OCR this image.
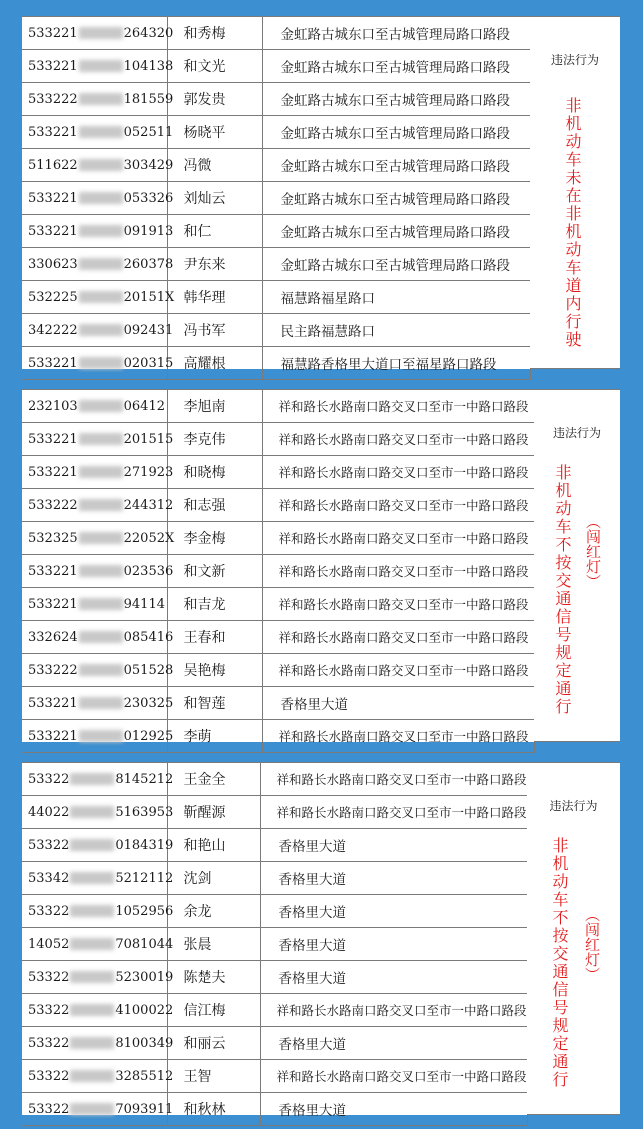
533221 264320	和秀梅	金虹路古城东口至古城管理局路口路段
533221 104138	和文光	金虹路古城东口至古城管理局路口路段
533222 181559	郭发贵	金虹路古城东口至古城管理局路口路段
533221 052511	杨晓平	金虹路古城东口至古城管理局路口路段
511622 303429	冯微	金虹路古城东口至古城管理局路口路段
533221 053326	刘灿云	金虹路古城东口至古城管理局路口路段
533221 091913	和仁	金虹路古城东口至古城管理局路口路段
330623 260378	尹东来	金虹路古城东口至古城管理局路口路段
532225 20151X	韩华理	福慧路福星路口
342222 092431	冯书军	民主路福慧路口
533221 020315	高耀根	福慧路香格里大道口至福星路口路段
违法行为
非机动车未在非机动车道内行驶
232103 06412	李旭南	祥和路长水路南口路交叉口至市一中路口路段
533221 201515	李克伟	祥和路长水路南口路交叉口至市一中路口路段
533221 271923	和晓梅	祥和路长水路南口路交叉口至市一中路口路段
533222 244312	和志强	祥和路长水路南口路交叉口至市一中路口路段
532325 22052X	李金梅	祥和路长水路南口路交叉口至市一中路口路段
533221 023536	和文新	祥和路长水路南口路交叉口至市一中路口路段
533221 94114	和吉龙	祥和路长水路南口路交叉口至市一中路口路段
332624 085416	王春和	祥和路长水路南口路交叉口至市一中路口路段
533222 051528	吴艳梅	祥和路长水路南口路交叉口至市一中路口路段
533221 230325	和智莲	香格里大道
533221 012925	李萌	祥和路长水路南口路交叉口至市一中路口路段
违法行为
非机动车不按交通信号规定通行 （闯红灯）
53322 8145212	王金全	祥和路长水路南口路交叉口至市一中路口路段
44022 5163953	靳醒源	祥和路长水路南口路交叉口至市一中路口路段
53322 0184319	和艳山	香格里大道
53342 5212112	沈剑	香格里大道
53322 1052956	余龙	香格里大道
14052 7081044	张晨	香格里大道
53322 5230019	陈楚夫	香格里大道
53322 4100022	信江梅	祥和路长水路南口路交叉口至市一中路口路段
53322 8100349	和丽云	香格里大道
53322 3285512	王智	祥和路长水路南口路交叉口至市一中路口路段
53322 7093911	和秋林	香格里大道
违法行为
非机动车不按交通信号规定通行 （闯红灯）
